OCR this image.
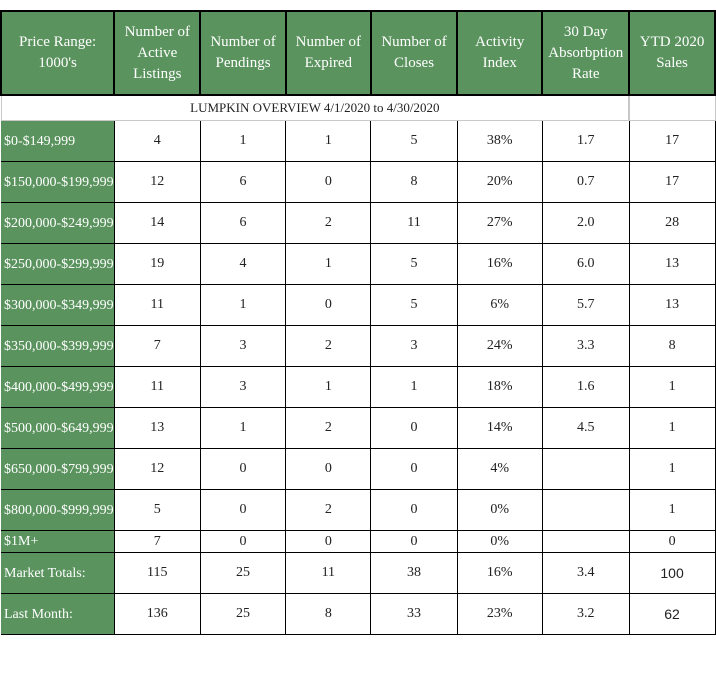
LUMPKIN OVERVIEW 4/1/2020 to 4/30/2020							
Price Range: 1000's	Number of Active Listings	Number of Pendings	Number of Expired	Number of Closes	Activity Index	30 Day Absorbption Rate	YTD 2020 Sales
$0-$149,999	4	1	1	5	38%	1.7	17
$150,000-$199,999	12	6	0	8	20%	0.7	17
$200,000-$249,999	14	6	2	11	27%	2.0	28
$250,000-$299,999	19	4	1	5	16%	6.0	13
$300,000-$349,999	11	1	0	5	6%	5.7	13
$350,000-$399,999	7	3	2	3	24%	3.3	8
$400,000-$499,999	11	3	1	1	18%	1.6	1
$500,000-$649,999	13	1	2	0	14%	4.5	1
$650,000-$799,999	12	0	0	0	4%		1
$800,000-$999,999	5	0	2	0	0%		1
$1M+	7	0	0	0	0%		0
Market Totals:	115	25	11	38	16%	3.4	100
Last Month:	136	25	8	33	23%	3.2	62
